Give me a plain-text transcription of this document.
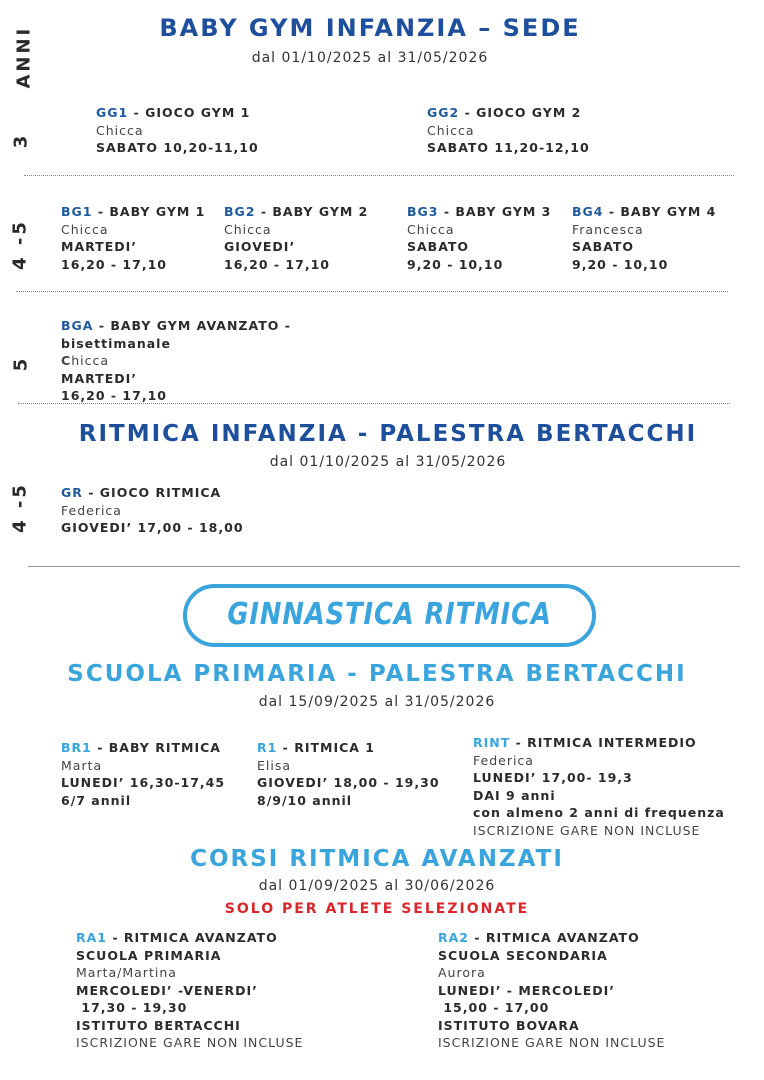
ANNI
3
4 -5
5
4 -5
BABY GYM INFANZIA – SEDE
dal 01/10/2025 al 31/05/2026
GG1 - GIOCO GYM 1
Chicca
SABATO 10,20-11,10
GG2 - GIOCO GYM 2
Chicca
SABATO 11,20-12,10
BG1 - BABY GYM 1
Chicca
MARTEDI’
16,20 - 17,10
BG2 - BABY GYM 2
Chicca
GIOVEDI’
16,20 - 17,10
BG3 - BABY GYM 3
Chicca
SABATO
9,20 - 10,10
BG4 - BABY GYM 4
Francesca
SABATO
9,20 - 10,10
BGA - BABY GYM AVANZATO -
bisettimanale
Chicca
MARTEDI’
16,20 - 17,10
RITMICA INFANZIA - PALESTRA BERTACCHI
dal 01/10/2025 al 31/05/2026
GR - GIOCO RITMICA
Federica
GIOVEDI’ 17,00 - 18,00
GINNASTICA RITMICA
SCUOLA PRIMARIA - PALESTRA BERTACCHI
dal 15/09/2025 al 31/05/2026
BR1 - BABY RITMICA
Marta
LUNEDI’ 16,30-17,45
6/7 annil
R1 - RITMICA 1
Elisa
GIOVEDI’ 18,00 - 19,30
8/9/10 annil
RINT - RITMICA INTERMEDIO
Federica
LUNEDI’ 17,00- 19,3
DAI 9 anni
con almeno 2 anni di frequenza
ISCRIZIONE GARE NON INCLUSE
CORSI RITMICA AVANZATI
dal 01/09/2025 al 30/06/2026
SOLO PER ATLETE SELEZIONATE
RA1 - RITMICA AVANZATO
SCUOLA PRIMARIA
Marta/Martina
MERCOLEDI’ -VENERDI’
17,30 - 19,30
ISTITUTO BERTACCHI
ISCRIZIONE GARE NON INCLUSE
RA2 - RITMICA AVANZATO
SCUOLA SECONDARIA
Aurora
LUNEDI’ - MERCOLEDI’
15,00 - 17,00
ISTITUTO BOVARA
ISCRIZIONE GARE NON INCLUSE
